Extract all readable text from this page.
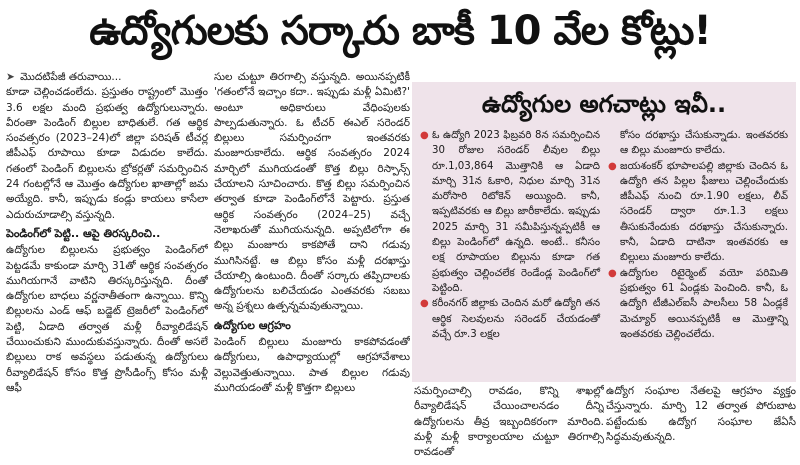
ఉద్యోగులకు సర్కారు బాకీ 10 వేల కోట్లు!

➤ మొదటిపేజీ తరువాయి...

కూడా చెల్లించడంలేదు. ప్రస్తుతం రాష్ట్రంలో మొత్తం 3.6 లక్షల మంది ప్రభుత్వ ఉద్యోగులున్నారు. వీరంతా పెండింగ్ బిల్లుల బాధితులే. గత ఆర్థిక సంవత్సరం (2023–24)లో జిల్లా పరిషత్ టీచర్ల జీపీఎఫ్ రూపాయి కూడా విడుదల కాలేదు. గతంలో పెండింగ్ బిల్లులను బ్రోకర్లతో సమర్పించిన 24 గంటల్లోనే ఆ మొత్తం ఉద్యోగుల ఖాతాల్లో జమ అయ్యేది. కానీ, ఇప్పుడు కండ్లు కాయలు కాసేలా ఎదురుచూడాల్సి వస్తున్నది.

పెండింగ్‌లో పెట్టి.. ఆపై తిరస్కరించి..

ఉద్యోగుల బిల్లులను ప్రభుత్వం పెండింగ్‌లో పెట్టడమే కాకుండా మార్చి 31తో ఆర్థిక సంవత్సరం ముగియగానే వాటిని తిరస్కరిస్తున్నది. దీంతో ఉద్యోగుల బాధలు వర్ణనాతీతంగా ఉన్నాయి. కొన్ని బిల్లులను ఎండ్ ఆఫ్ బడ్జెట్ ట్రెజరీలో పెండింగ్‌లో పెట్టి, ఏడాది తర్వాత మళ్లీ రీవ్యాలిడేషన్ చేయించుకుని ముందుకువస్తున్నారు. దీంతో అసలే బిల్లులు రాక అవస్థలు పడుతున్న ఉద్యోగులు రీవ్యాలిడేషన్ కోసం కొత్త ప్రొసీడింగ్స్ కోసం మళ్లీ ఆఫీ

సుల చుట్టూ తిరగాల్సి వస్తున్నది. అయినప్పటికీ 'గతంలోనే ఇచ్చాం కదా.. ఇప్పుడు మళ్లీ ఏమిటి?' అంటూ అధికారులు వేధింపులకు పాల్పడుతున్నారు. ఓ టీచర్ ఈఎల్ సరెండర్ బిల్లులు సమర్పించగా ఇంతవరకు మంజూరుకాలేదు. ఆర్థిక సంవత్సరం 2024 మార్చిలో ముగియడంతో కొత్త బిల్లు రిస్పాన్స్ చేయాలని సూచించారు. కొత్త బిల్లు సమర్పించిన తర్వాత కూడా పెండింగ్‌లోనే పెట్టారు. ప్రస్తుత ఆర్థిక సంవత్సరం (2024–25) వచ్చే నెలాఖరుతో ముగియనున్నది. అప్పటిలోగా ఈ బిల్లు మంజూరు కాకపోతే దాని గడువు ముగిసినట్టే. ఆ బిల్లు కోసం మళ్లీ దరఖాస్తు చేయాల్సి ఉంటుంది. దీంతో సర్కారు తప్పిదాలకు ఉద్యోగులను బలిచేయడం ఎంతవరకు సబబు అన్న ప్రశ్నలు ఉత్పన్నమవుతున్నాయి.

ఉద్యోగుల ఆగ్రహం

పెండింగ్ బిల్లులు మంజూరు కాకపోవడంతో ఉద్యోగులు, ఉపాధ్యాయుల్లో ఆగ్రహావేశాలు వెల్లువెత్తుతున్నాయి. పాత బిల్లుల గడువు ముగియడంతో మళ్లీ కొత్తగా బిల్లులు

ఉద్యోగుల అగచాట్లు ఇవీ..

● ఓ ఉద్యోగి 2023 ఫిబ్రవరి 8న సమర్పించిన 30 రోజుల సరెండర్ లీవుల బిల్లు రూ.1,03,864 మొత్తానికి ఆ ఏడాది మార్చి 31న ఓకారి, నిధుల మార్చి 31న మరోసారి రిటోకెన్ అయ్యింది. కానీ, ఇప్పటివరకు ఆ బిల్లు జారీకాలేదు. ఇప్పుడు 2025 మార్చి 31 సమీపిస్తున్నప్పటికీ ఆ బిల్లు పెండింగ్‌లో ఉన్నది. అంటే.. కనీసం లక్ష రూపాయల బిల్లును కూడా గత ప్రభుత్వం చెల్లించలేక రెండేండ్ల పెండింగ్‌లో పెట్టింది.

● కరీంనగర్ జిల్లాకు చెందిన మరో ఉద్యోగి తన ఆర్థిక సెలవులను సరెండర్ చేయడంతో వచ్చే రూ.3 లక్షల

కోసం దరఖాస్తు చేసుకున్నాడు. ఇంతవరకు ఆ బిల్లు మంజూరు కాలేదు.

● జయశంకర్ భూపాలపల్లి జిల్లాకు చెందిన ఓ ఉద్యోగి తన పిల్లల ఫీజులు చెల్లించేందుకు జీపీఎఫ్ నుంచి రూ.1.90 లక్షలు, లీవ్ సరెండర్ ద్వారా రూ.1.3 లక్షలు తీసుకునేందుకు దరఖాస్తు చేసుకున్నారు. కానీ, ఏడాది దాటినా ఇంతవరకు ఆ బిల్లులు మంజూరు కాలేదు.

● ఉద్యోగుల రిటైర్మెంట్ వయో పరిమితి ప్రభుత్వం 61 ఏండ్లకు పెంచింది. కానీ, ఓ ఉద్యోగి టీజీఎల్ఐసీ పాలసీలు 58 ఏండ్లకే మెచ్యూర్ అయినప్పటికీ ఆ మొత్తాన్ని ఇంతవరకు చెల్లించలేదు.

సమర్పించాల్సి రావడం, కొన్ని శాఖల్లో రీవ్యాలిడేషన్ చేయించాలనడం దీన్ని ఉద్యోగులను తీవ్ర ఇబ్బందికరంగా మారింది. మళ్లీ మళ్లీ కార్యాలయాల చుట్టూ తిరగాల్సి రావడంతో

ఉద్యోగ సంఘాల నేతలపై ఆగ్రహం వ్యక్తం చేస్తున్నారు. మార్చి 12 తర్వాత పోరుబాట పట్టేందుకు ఉద్యోగ సంఘాల జేఏసీ సిద్ధమవుతున్నది.
